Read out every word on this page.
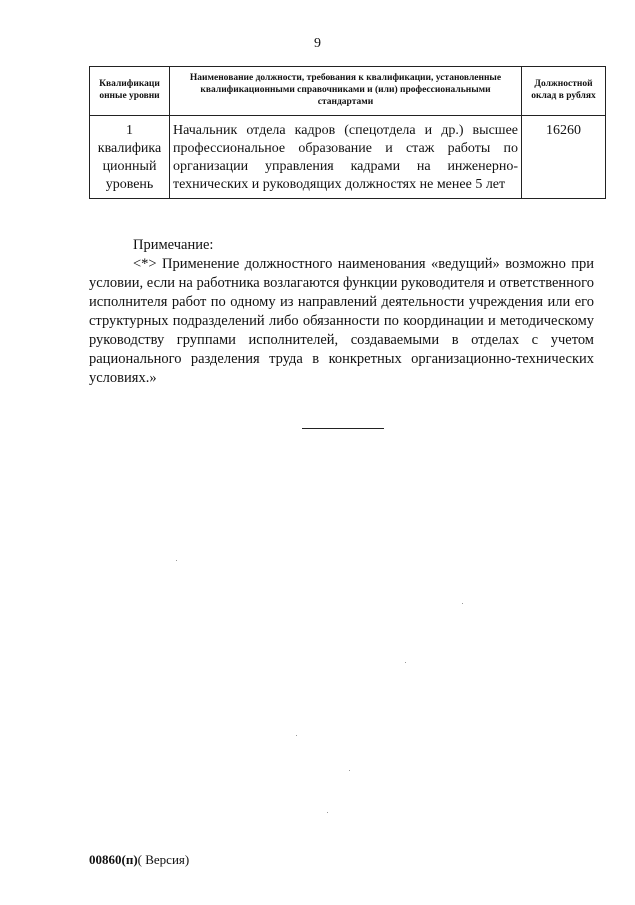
9
Квалификаци онные уровни	Наименование должности, требования к квалификации, установленные квалификационными справочниками и (или) профессиональными стандартами	Должностной оклад в рублях
1 квалифика ционный уровень	Начальник отдела кадров (спецотдела и др.) высшее профессиональное образование и стаж работы по организации управления кадрами на инженерно-технических и руководящих должностях не менее 5 лет	16260

Примечание:

<*> Применение должностного наименования «ведущий» возможно при условии, если на работника возлагаются функции руководителя и ответственного исполнителя работ по одному из направлений деятельности учреждения или его структурных подразделений либо обязанности по координации и методическому руководству группами исполнителей, создаваемыми в отделах с учетом рационального разделения труда в конкретных организационно-технических условиях.»

00860(п)( Версия)
